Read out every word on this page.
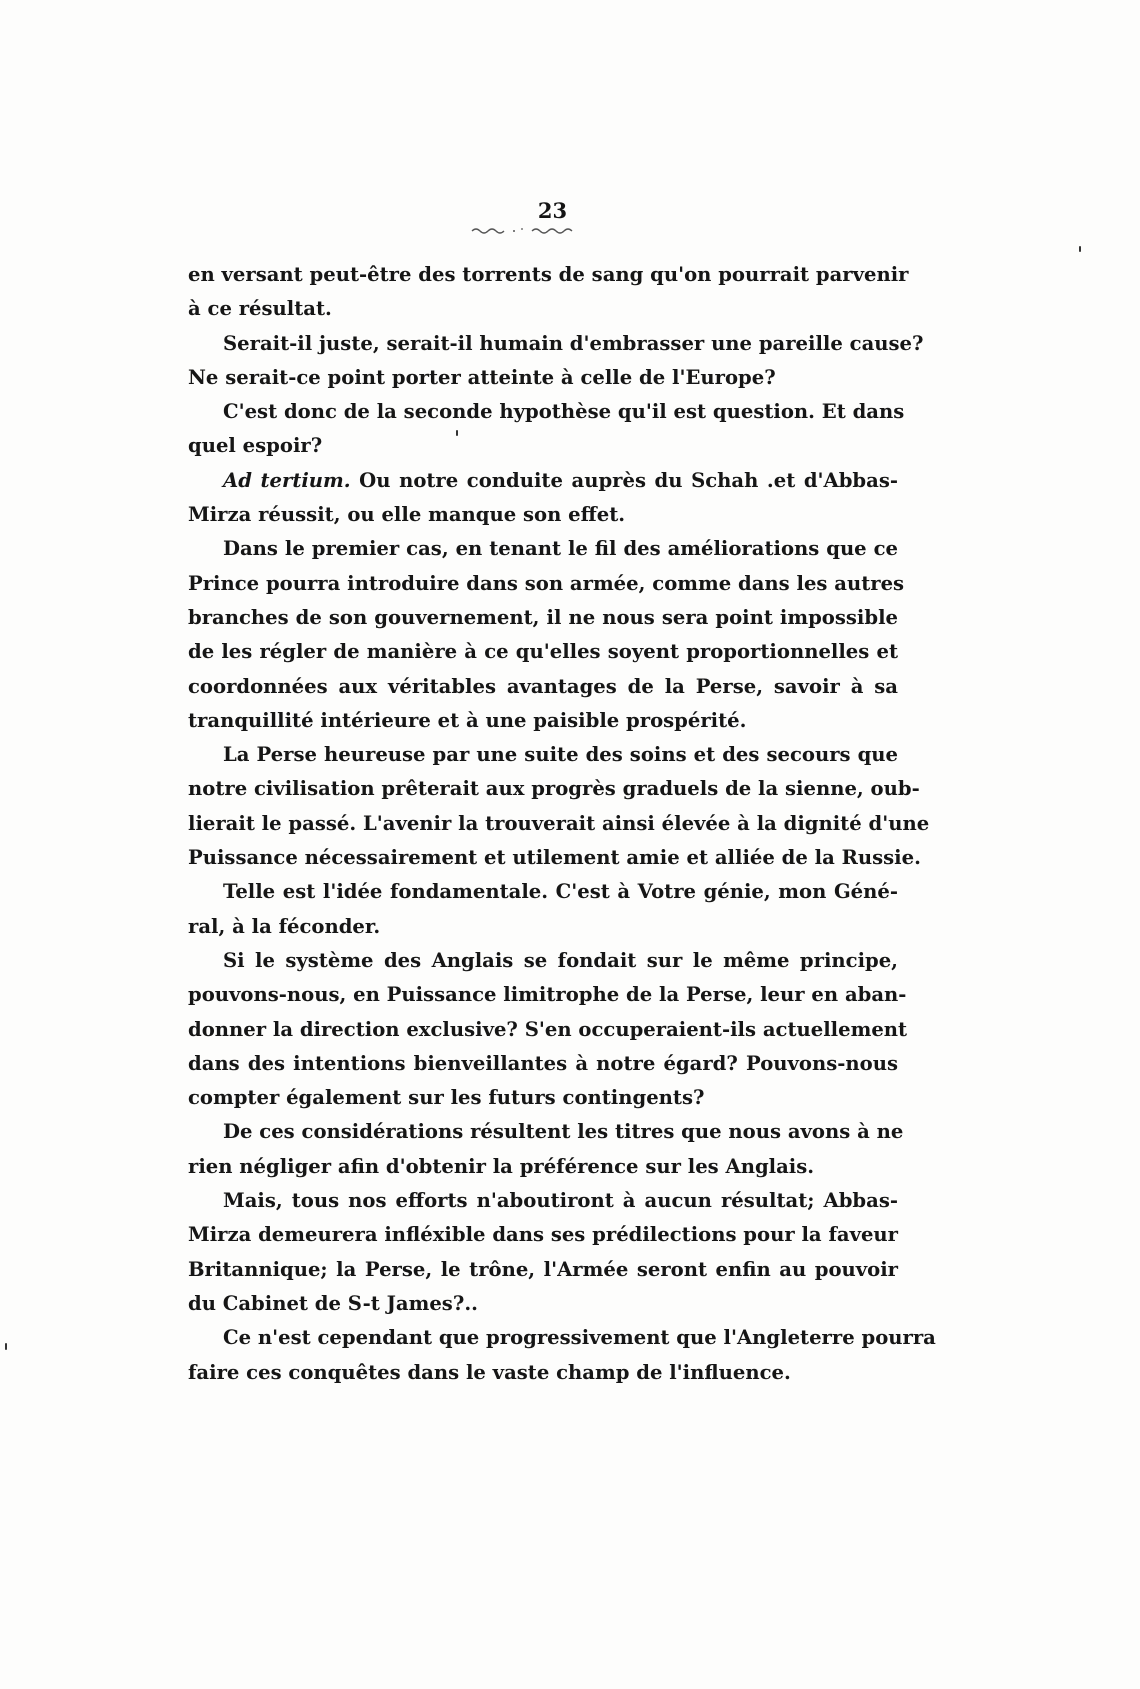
23
en versant peut-être des torrents de sang qu'on pourrait parvenir
à ce résultat.
Serait-il juste, serait-il humain d'embrasser une pareille cause?
Ne serait-ce point porter atteinte à celle de l'Europe?
C'est donc de la seconde hypothèse qu'il est question. Et dans
quel espoir?
Ad tertium. Ou notre conduite auprès du Schah .et d'Abbas-
Mirza réussit, ou elle manque son effet.
Dans le premier cas, en tenant le fil des améliorations que ce
Prince pourra introduire dans son armée, comme dans les autres
branches de son gouvernement, il ne nous sera point impossible
de les régler de manière à ce qu'elles soyent proportionnelles et
coordonnées aux véritables avantages de la Perse, savoir à sa
tranquillité intérieure et à une paisible prospérité.
La Perse heureuse par une suite des soins et des secours que
notre civilisation prêterait aux progrès graduels de la sienne, oub-
lierait le passé. L'avenir la trouverait ainsi élevée à la dignité d'une
Puissance nécessairement et utilement amie et alliée de la Russie.
Telle est l'idée fondamentale. C'est à Votre génie, mon Géné-
ral, à la féconder.
Si le système des Anglais se fondait sur le même principe,
pouvons-nous, en Puissance limitrophe de la Perse, leur en aban-
donner la direction exclusive? S'en occuperaient-ils actuellement
dans des intentions bienveillantes à notre égard? Pouvons-nous
compter également sur les futurs contingents?
De ces considérations résultent les titres que nous avons à ne
rien négliger afin d'obtenir la préférence sur les Anglais.
Mais, tous nos efforts n'aboutiront à aucun résultat; Abbas-
Mirza demeurera infléxible dans ses prédilections pour la faveur
Britannique; la Perse, le trône, l'Armée seront enfin au pouvoir
du Cabinet de S-t James?..
Ce n'est cependant que progressivement que l'Angleterre pourra
faire ces conquêtes dans le vaste champ de l'influence.
